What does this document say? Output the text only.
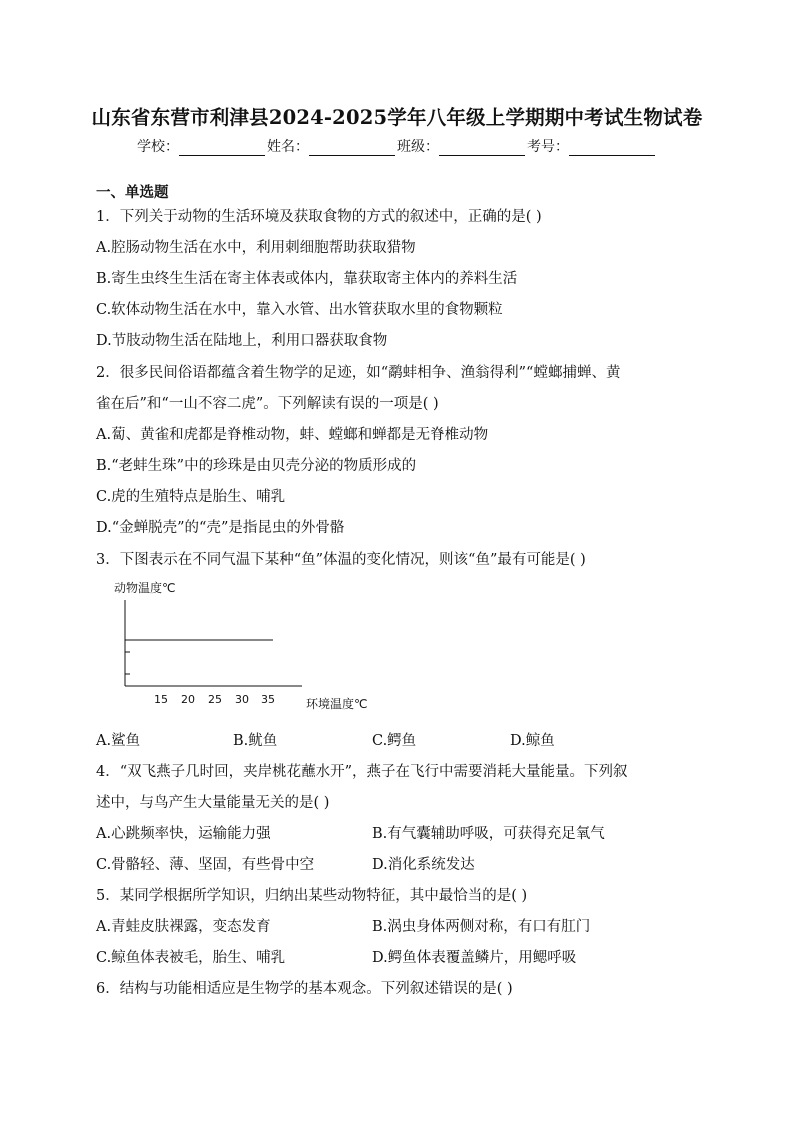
山东省东营市利津县2024-2025学年八年级上学期期中考试生物试卷
学校：	姓名：	班级：	考号：
一、单选题
1．下列关于动物的生活环境及获取食物的方式的叙述中，正确的是( )
A.腔肠动物生活在水中，利用刺细胞帮助获取猎物
B.寄生虫终生生活在寄主体表或体内，靠获取寄主体内的养料生活
C.软体动物生活在水中，靠入水管、出水管获取水里的食物颗粒
D.节肢动物生活在陆地上，利用口器获取食物
2．很多民间俗语都蕴含着生物学的足迹，如“鹬蚌相争、渔翁得利”“螳螂捕蝉、黄
雀在后”和“一山不容二虎”。下列解读有误的一项是( )
A.蔔、黄雀和虎都是脊椎动物，蚌、螳螂和蝉都是无脊椎动物
B.“老蚌生珠”中的珍珠是由贝壳分泌的物质形成的
C.虎的生殖特点是胎生、哺乳
D.“金蝉脱壳”的“壳”是指昆虫的外骨骼
3．下图表示在不同气温下某种“鱼”体温的变化情况，则该“鱼”最有可能是( )
动物温度℃
15 20 25 30 35	环境温度℃
A.鲨鱼	B.鱿鱼	C.鳄鱼	D.鲸鱼
4．“双飞燕子几时回，夹岸桃花蘸水开”，燕子在飞行中需要消耗大量能量。下列叙
述中，与鸟产生大量能量无关的是( )
A.心跳频率快，运输能力强	B.有气囊辅助呼吸，可获得充足氧气
C.骨骼轻、薄、坚固，有些骨中空	D.消化系统发达
5．某同学根据所学知识，归纳出某些动物特征，其中最恰当的是( )
A.青蛙皮肤裸露，变态发育	B.涡虫身体两侧对称，有口有肛门
C.鲸鱼体表被毛，胎生、哺乳	D.鳄鱼体表覆盖鳞片，用鳃呼吸
6．结构与功能相适应是生物学的基本观念。下列叙述错误的是( )
